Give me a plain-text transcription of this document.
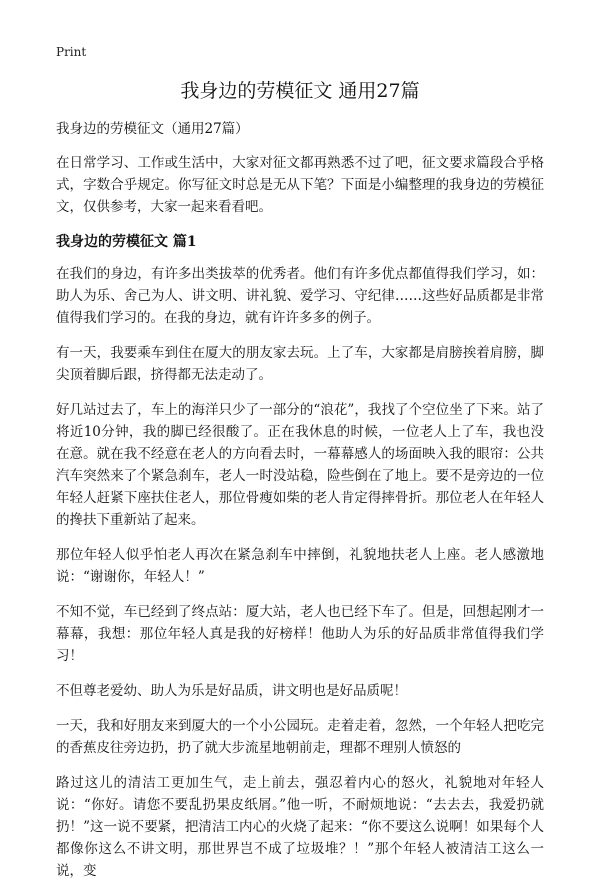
Print
我身边的劳模征文 通用27篇

我身边的劳模征文（通用27篇）

在日常学习、工作或生活中，大家对征文都再熟悉不过了吧，征文要求篇段合乎格式，字数合乎规定。你写征文时总是无从下笔？下面是小编整理的我身边的劳模征文，仅供参考，大家一起来看看吧。

我身边的劳模征文 篇1

在我们的身边，有许多出类拔萃的优秀者。他们有许多优点都值得我们学习，如：助人为乐、舍己为人、讲文明、讲礼貌、爱学习、守纪律……这些好品质都是非常值得我们学习的。在我的身边，就有许许多多的例子。

有一天，我要乘车到住在厦大的朋友家去玩。上了车，大家都是肩膀挨着肩膀，脚尖顶着脚后跟，挤得都无法走动了。

好几站过去了，车上的海洋只少了一部分的“浪花”，我找了个空位坐了下来。站了将近10分钟，我的脚已经很酸了。正在我休息的时候，一位老人上了车，我也没在意。就在我不经意在老人的方向看去时，一幕幕感人的场面映入我的眼帘：公共汽车突然来了个紧急刹车，老人一时没站稳，险些倒在了地上。要不是旁边的一位年轻人赶紧下座扶住老人，那位骨瘦如柴的老人肯定得摔骨折。那位老人在年轻人的搀扶下重新站了起来。

那位年轻人似乎怕老人再次在紧急刹车中摔倒，礼貌地扶老人上座。老人感激地说：“谢谢你，年轻人！”

不知不觉，车已经到了终点站：厦大站，老人也已经下车了。但是，回想起刚才一幕幕，我想：那位年轻人真是我的好榜样！他助人为乐的好品质非常值得我们学习！

不但尊老爱幼、助人为乐是好品质，讲文明也是好品质呢！

一天，我和好朋友来到厦大的一个小公园玩。走着走着，忽然，一个年轻人把吃完的香蕉皮往旁边扔，扔了就大步流星地朝前走，理都不理别人愤怒的

路过这儿的清洁工更加生气，走上前去，强忍着内心的怒火，礼貌地对年轻人说：“你好。请您不要乱扔果皮纸屑。”他一听，不耐烦地说：“去去去，我爱扔就扔！”这一说不要紧，把清洁工内心的火烧了起来：“你不要这么说啊！如果每个人都像你这么不讲文明，那世界岂不成了垃圾堆？！”那个年轻人被清洁工这么一说，变
